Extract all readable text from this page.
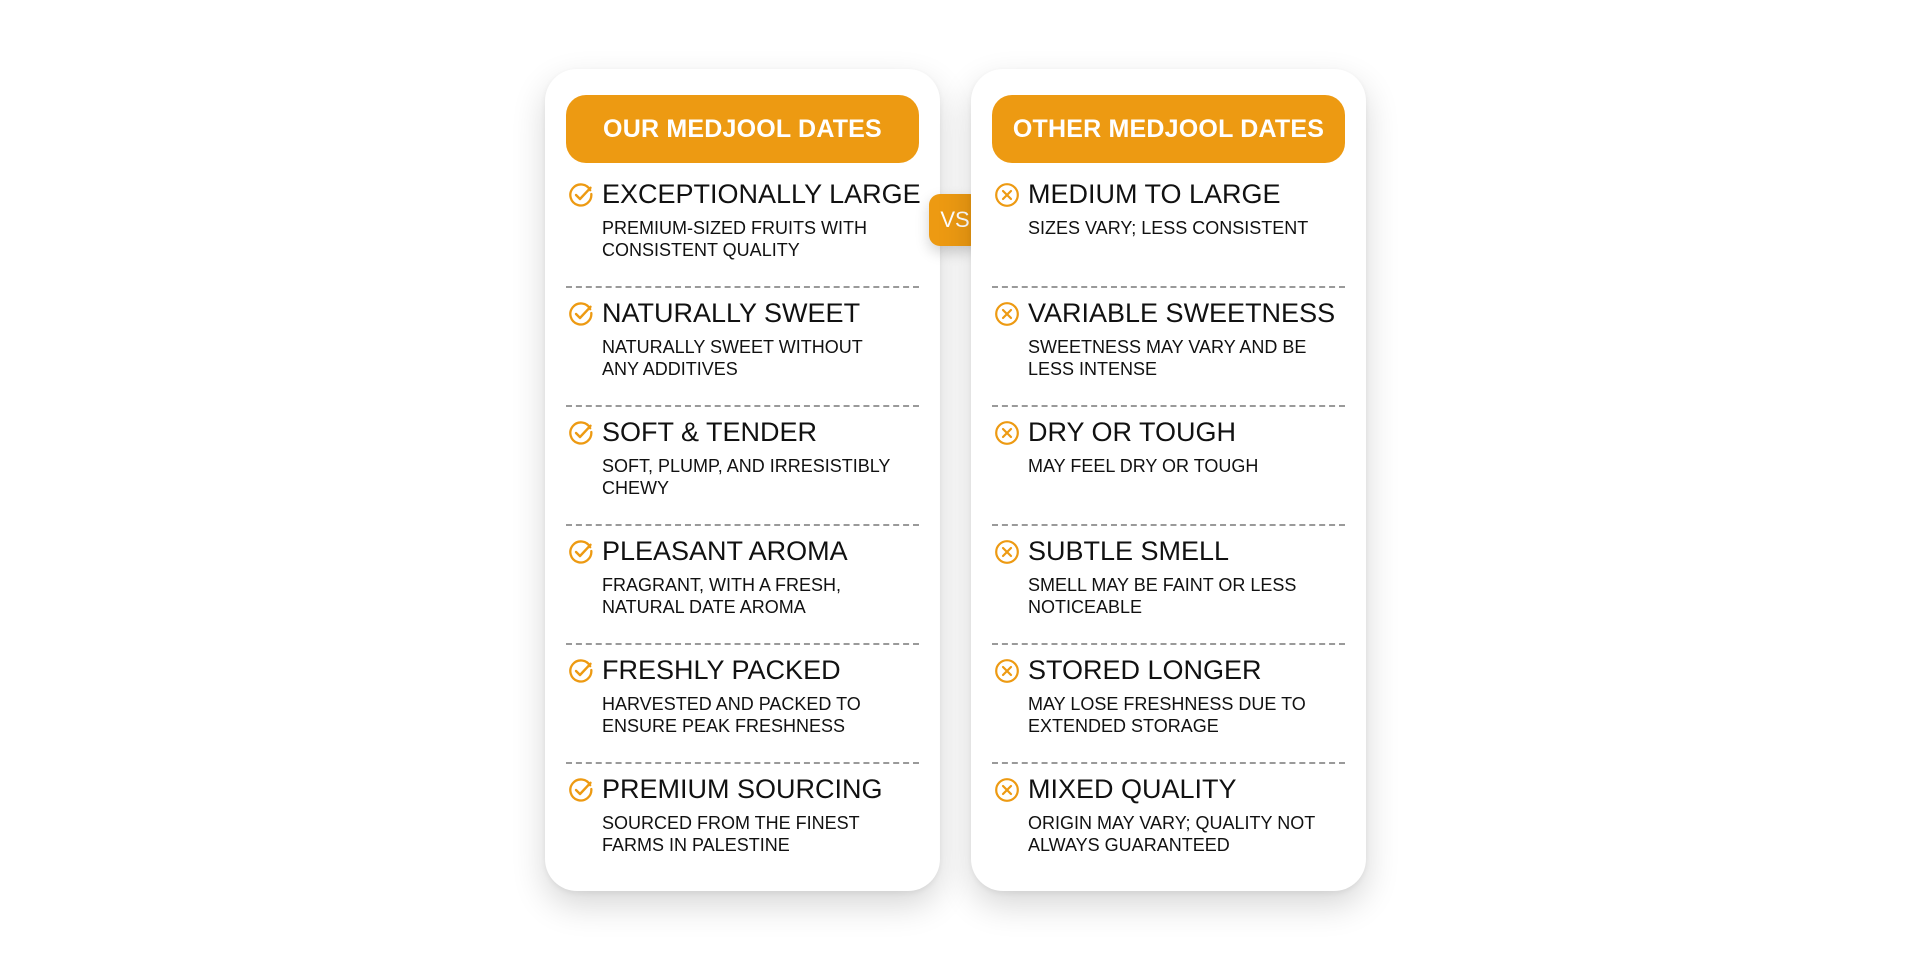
OUR MEDJOOL DATES
EXCEPTIONALLY LARGE
PREMIUM-SIZED FRUITS WITH CONSISTENT QUALITY
NATURALLY SWEET
NATURALLY SWEET WITHOUT ANY ADDITIVES
SOFT & TENDER
SOFT, PLUMP, AND IRRESISTIBLY CHEWY
PLEASANT AROMA
FRAGRANT, WITH A FRESH, NATURAL DATE AROMA
FRESHLY PACKED
HARVESTED AND PACKED TO ENSURE PEAK FRESHNESS
PREMIUM SOURCING
SOURCED FROM THE FINEST FARMS IN PALESTINE
VS
OTHER MEDJOOL DATES
MEDIUM TO LARGE
SIZES VARY; LESS CONSISTENT
VARIABLE SWEETNESS
SWEETNESS MAY VARY AND BE LESS INTENSE
DRY OR TOUGH
MAY FEEL DRY OR TOUGH
SUBTLE SMELL
SMELL MAY BE FAINT OR LESS NOTICEABLE
STORED LONGER
MAY LOSE FRESHNESS DUE TO EXTENDED STORAGE
MIXED QUALITY
ORIGIN MAY VARY; QUALITY NOT ALWAYS GUARANTEED
